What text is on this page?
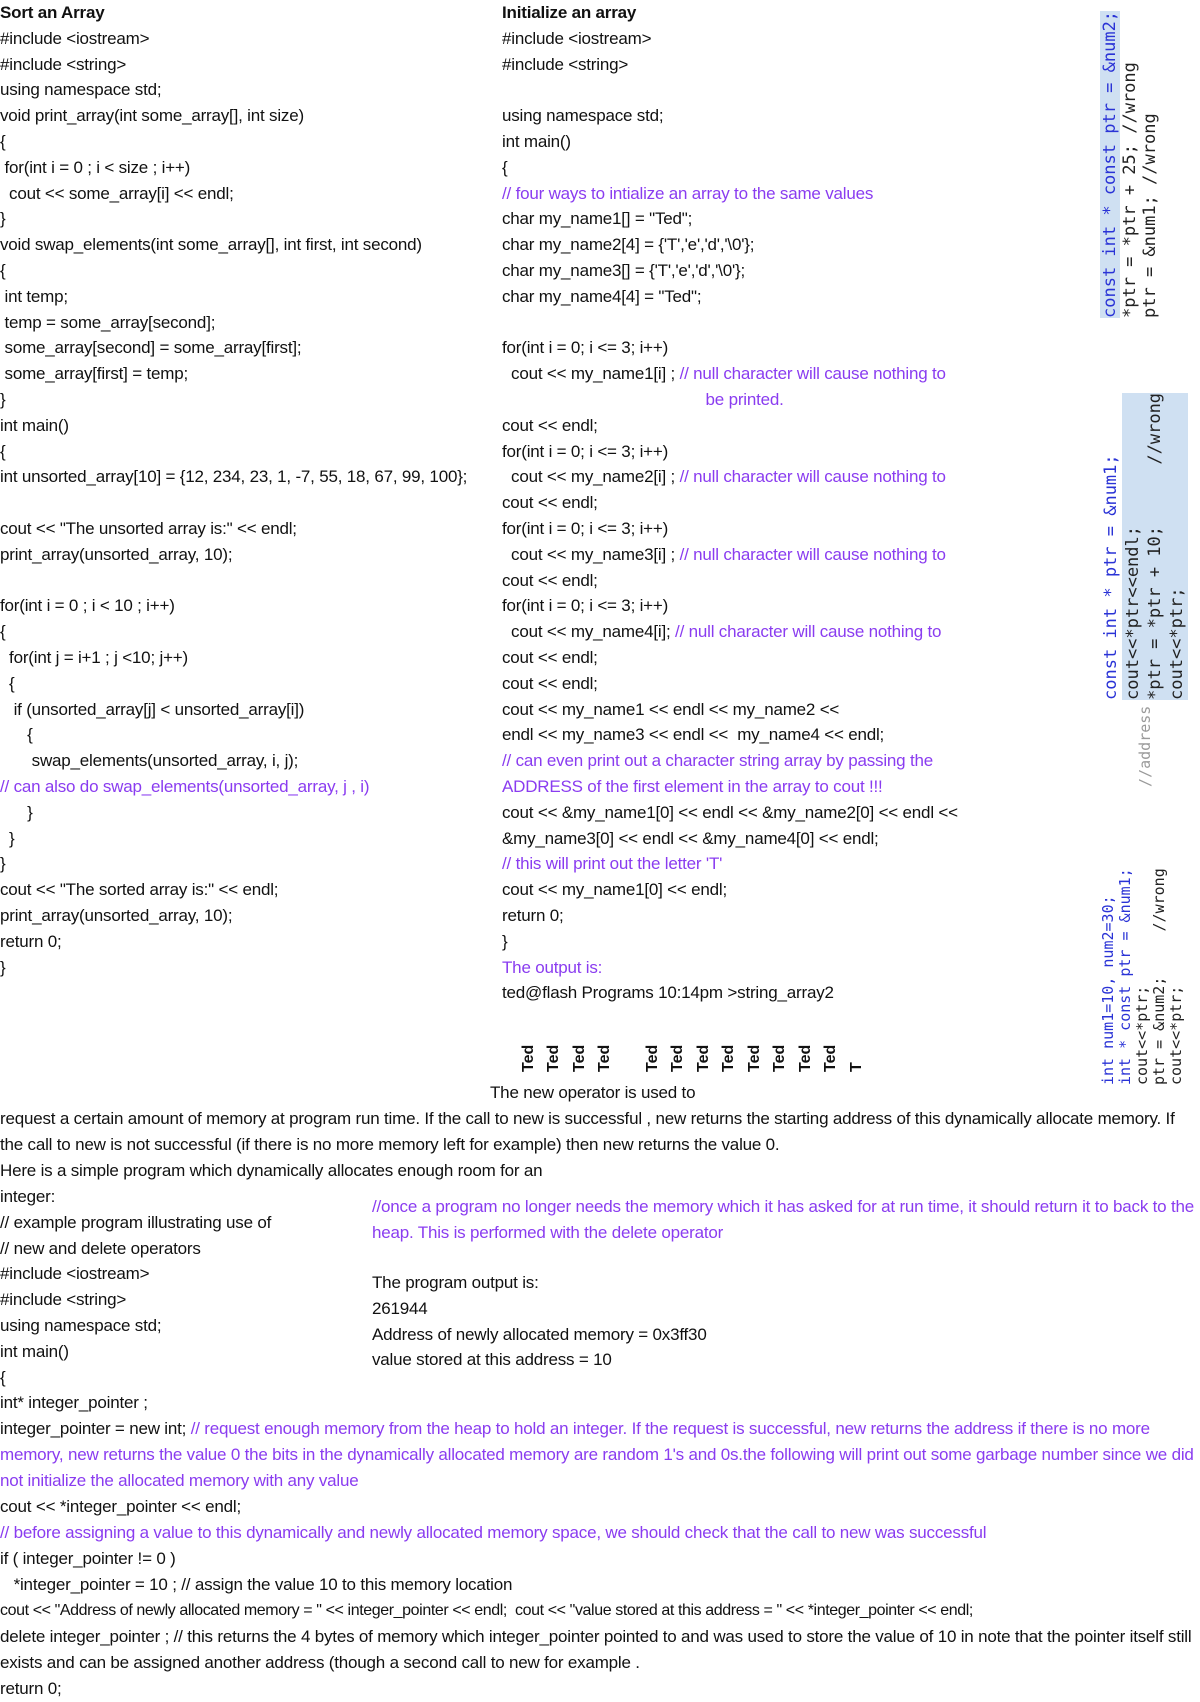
Sort an Array
#include <iostream>
#include <string>
using namespace std;
void print_array(int some_array[], int size)
{
for(int i = 0 ; i < size ; i++)
cout << some_array[i] << endl;
}
void swap_elements(int some_array[], int first, int second)
{
int temp;
temp = some_array[second];
some_array[second] = some_array[first];
some_array[first] = temp;
}
int main()
{
int unsorted_array[10] = {12, 234, 23, 1, -7, 55, 18, 67, 99, 100};
cout << "The unsorted array is:" << endl;
print_array(unsorted_array, 10);
for(int i = 0 ; i < 10 ; i++)
{
for(int j = i+1 ; j <10; j++)
{
if (unsorted_array[j] < unsorted_array[i])
{
swap_elements(unsorted_array, i, j);
// can also do swap_elements(unsorted_array, j , i)
}
}
}
cout << "The sorted array is:" << endl;
print_array(unsorted_array, 10);
return 0;
}
Initialize an array
#include <iostream>
#include <string>
using namespace std;
int main()
{
// four ways to intialize an array to the same values
char my_name1[] = "Ted";
char my_name2[4] = {'T','e','d','\0'};
char my_name3[] = {'T','e','d','\0'};
char my_name4[4] = "Ted";
for(int i = 0; i <= 3; i++)
cout << my_name1[i] ; // null character will cause nothing to
be printed.
cout << endl;
for(int i = 0; i <= 3; i++)
cout << my_name2[i] ; // null character will cause nothing to
cout << endl;
for(int i = 0; i <= 3; i++)
cout << my_name3[i] ; // null character will cause nothing to
cout << endl;
for(int i = 0; i <= 3; i++)
cout << my_name4[i]; // null character will cause nothing to
cout << endl;
cout << endl;
cout << my_name1 << endl << my_name2 <<
endl << my_name3 << endl <<  my_name4 << endl;
// can even print out a character string array by passing the
ADDRESS of the first element in the array to cout !!!
cout << &my_name1[0] << endl << &my_name2[0] << endl <<
&my_name3[0] << endl << &my_name4[0] << endl;
// this will print out the letter 'T'
cout << my_name1[0] << endl;
return 0;
}
The output is:
ted@flash Programs 10:14pm >string_array2
Ted Ted Ted Ted Ted Ted Ted Ted Ted Ted Ted Ted T
const int * const ptr = &num2; *ptr = *ptr + 25; //wrong ptr = &num1; //wrong
const int * ptr = &num1; cout<<*ptr<<endl; *ptr = *ptr + 10;      //wrong cout<<*ptr;

//address

int num1=10, num2=30; int * const ptr = &num1; cout<<*ptr; ptr = &num2;     //wrong cout<<*ptr;
The new operator is used to
request a certain amount of memory at program run time. If the call to new is successful , new returns the starting address of this dynamically allocate memory. If the call to new is not successful (if there is no more memory left for example) then new returns the value 0.
Here is a simple program which dynamically allocates enough room for an
integer:
// example program illustrating use of
// new and delete operators
#include <iostream>
#include <string>
using namespace std;
int main()
{
int* integer_pointer ;
//once a program no longer needs the memory which it has asked for at run time, it should return it to back to the heap. This is performed with the delete operator
The program output is:
261944
Address of newly allocated memory = 0x3ff30
value stored at this address = 10
integer_pointer = new int; // request enough memory from the heap to hold an integer. If the request is successful, new returns the address if there is no more memory, new returns the value 0 the bits in the dynamically allocated memory are random 1's and 0s.the following will print out some garbage number since we did not initialize the allocated memory with any value
cout << *integer_pointer << endl;
// before assigning a value to this dynamically and newly allocated memory space, we should check that the call to new was successful
if ( integer_pointer != 0 )
*integer_pointer = 10 ; // assign the value 10 to this memory location
cout << "Address of newly allocated memory = " << integer_pointer << endl;  cout << "value stored at this address = " << *integer_pointer << endl;
delete integer_pointer ; // this returns the 4 bytes of memory which integer_pointer pointed to and was used to store the value of 10 in note that the pointer itself still exists and can be assigned another address (though a second call to new for example .
return 0;
